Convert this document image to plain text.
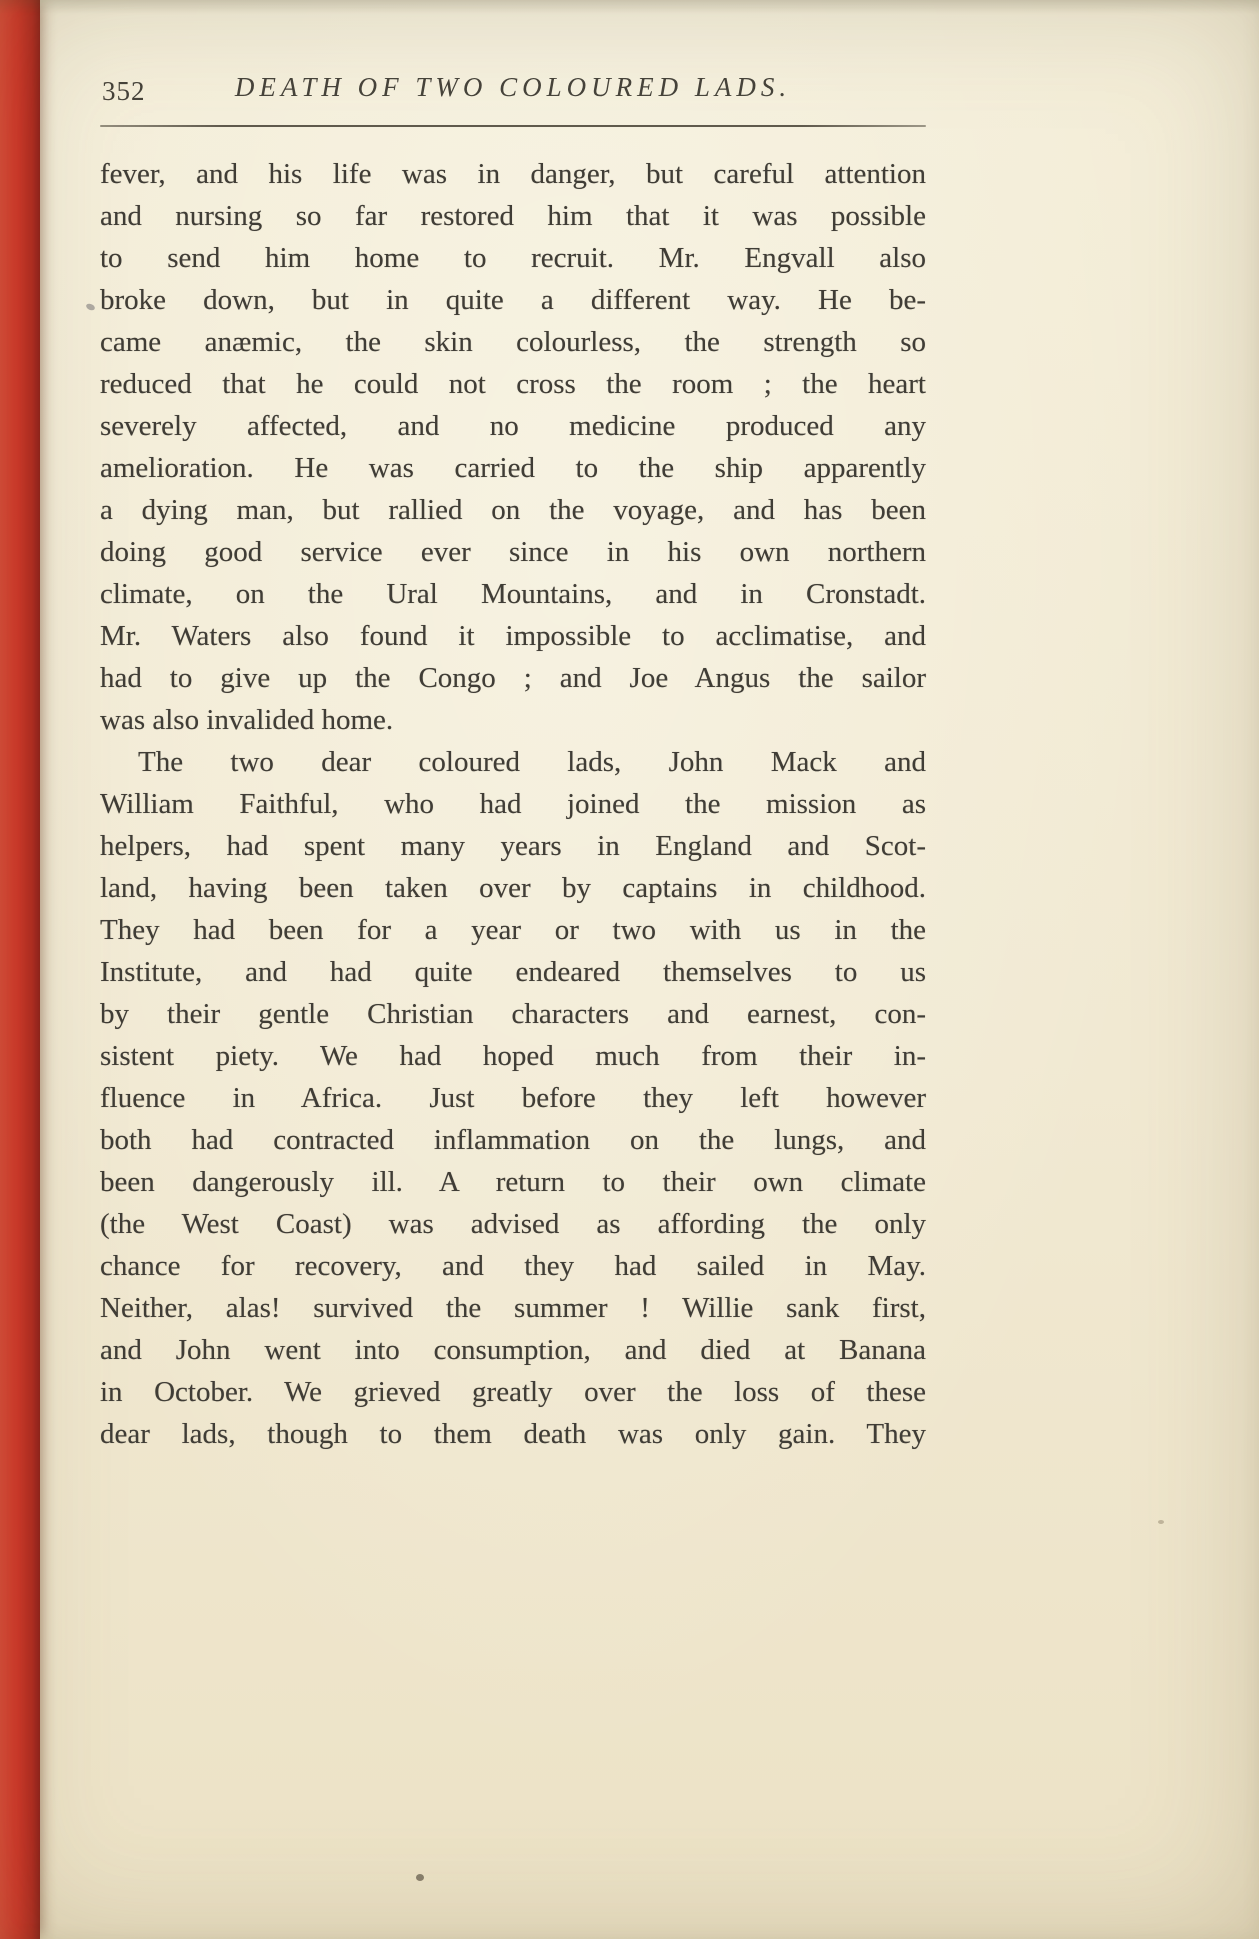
352	DEATH OF TWO COLOURED LADS.
fever, and his life was in danger, but careful attention
and nursing so far restored him that it was possible
to send him home to recruit. Mr. Engvall also
broke down, but in quite a different way. He be-
came anæmic, the skin colourless, the strength so
reduced that he could not cross the room ; the heart
severely affected, and no medicine produced any
amelioration. He was carried to the ship apparently
a dying man, but rallied on the voyage, and has been
doing good service ever since in his own northern
climate, on the Ural Mountains, and in Cronstadt.
Mr. Waters also found it impossible to acclimatise, and
had to give up the Congo ; and Joe Angus the sailor
was also invalided home.
The two dear coloured lads, John Mack and
William Faithful, who had joined the mission as
helpers, had spent many years in England and Scot-
land, having been taken over by captains in childhood.
They had been for a year or two with us in the
Institute, and had quite endeared themselves to us
by their gentle Christian characters and earnest, con-
sistent piety. We had hoped much from their in-
fluence in Africa. Just before they left however
both had contracted inflammation on the lungs, and
been dangerously ill. A return to their own climate
(the West Coast) was advised as affording the only
chance for recovery, and they had sailed in May.
Neither, alas! survived the summer ! Willie sank first,
and John went into consumption, and died at Banana
in October. We grieved greatly over the loss of these
dear lads, though to them death was only gain. They
